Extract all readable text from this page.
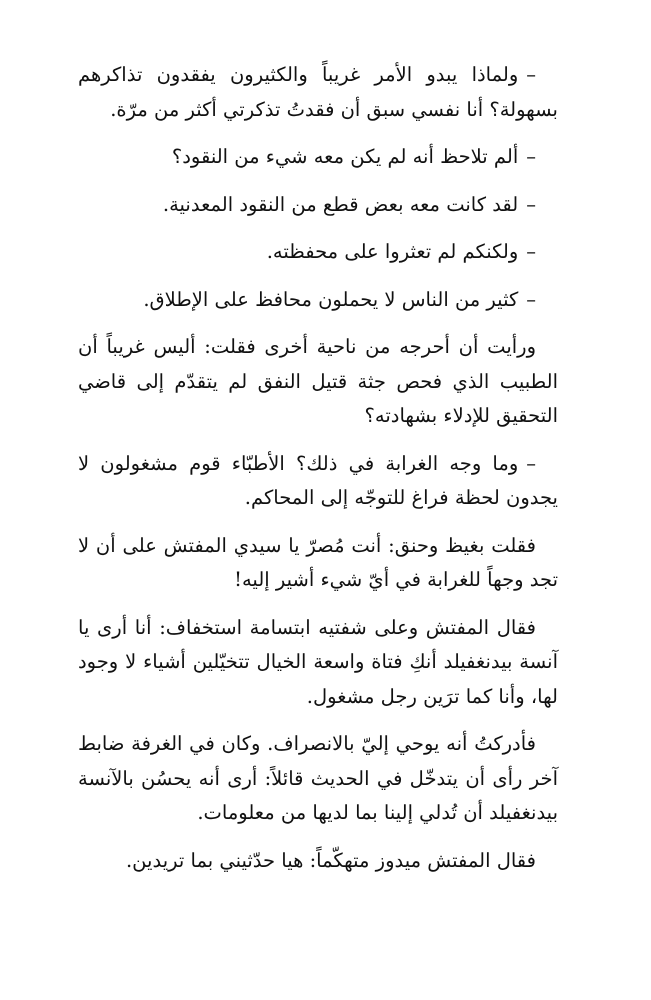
–ولماذا يبدو الأمر غريباً والكثيرون يفقدون تذاكرهم بسهولة؟ أنا نفسي سبق أن فقدتُ تذكرتي أكثر من مرّة.

–ألم تلاحظ أنه لم يكن معه شيء من النقود؟

–لقد كانت معه بعض قطع من النقود المعدنية.

–ولكنكم لم تعثروا على محفظته.

–كثير من الناس لا يحملون محافظ على الإطلاق.

ورأيت أن أحرجه من ناحية أخرى فقلت: أليس غريباً أن الطبيب الذي فحص جثة قتيل النفق لم يتقدّم إلى قاضي التحقيق للإدلاء بشهادته؟

–وما وجه الغرابة في ذلك؟ الأطبّاء قوم مشغولون لا يجدون لحظة فراغ للتوجّه إلى المحاكم.

فقلت بغيظ وحنق: أنت مُصرّ يا سيدي المفتش على أن لا تجد وجهاً للغرابة في أيّ شيء أشير إليه!

فقال المفتش وعلى شفتيه ابتسامة استخفاف: أنا أرى يا آنسة بيدنغفيلد أنكِ فتاة واسعة الخيال تتخيّلين أشياء لا وجود لها، وأنا كما ترَين رجل مشغول.

فأدركتُ أنه يوحي إليّ بالانصراف. وكان في الغرفة ضابط آخر رأى أن يتدخّل في الحديث قائلاً: أرى أنه يحسُن بالآنسة بيدنغفيلد أن تُدلي إلينا بما لديها من معلومات.

فقال المفتش ميدوز متهكّماً: هيا حدّثيني بما تريدين.
